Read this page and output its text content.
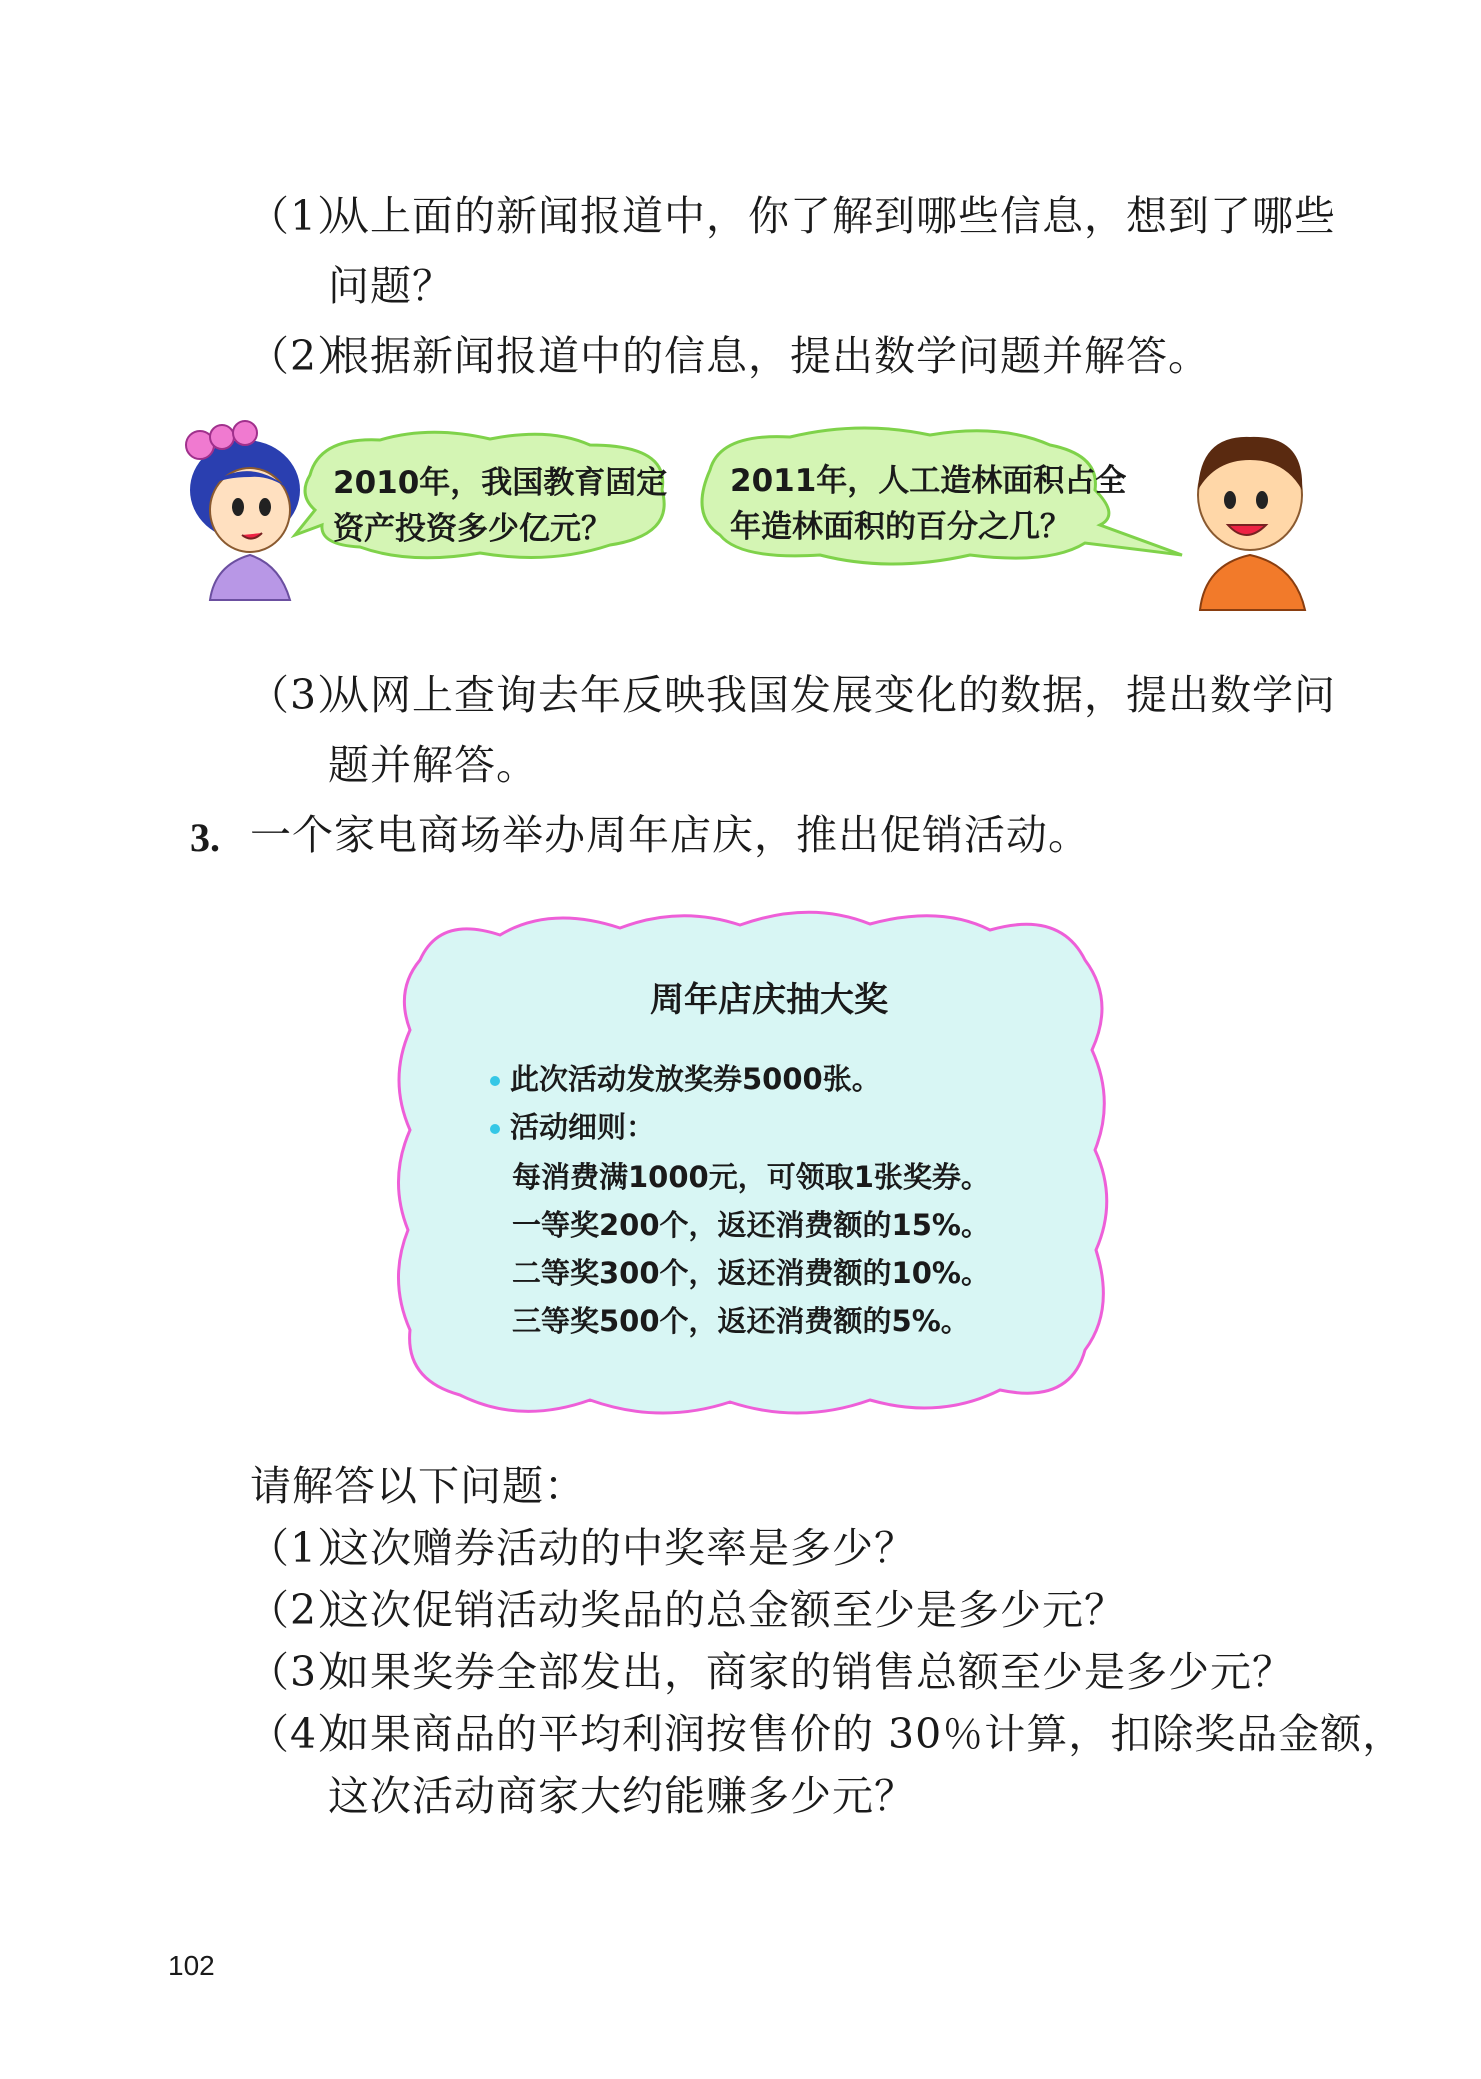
（1）从上面的新闻报道中，你了解到哪些信息，想到了哪些
问题？
（2）根据新闻报道中的信息，提出数学问题并解答。
2010年，我国教育固定
资产投资多少亿元？
2011年，人工造林面积占全
年造林面积的百分之几？
（3）从网上查询去年反映我国发展变化的数据，提出数学问
题并解答。
3. 一个家电商场举办周年店庆，推出促销活动。
周年店庆抽大奖
此次活动发放奖券5000张。
活动细则：
每消费满1000元，可领取1张奖券。
一等奖200个，返还消费额的15%。
二等奖300个，返还消费额的10%。
三等奖500个，返还消费额的5%。
请解答以下问题：
（1）这次赠券活动的中奖率是多少？
（2）这次促销活动奖品的总金额至少是多少元？
（3）如果奖券全部发出，商家的销售总额至少是多少元？
（4）如果商品的平均利润按售价的 30％计算，扣除奖品金额，
这次活动商家大约能赚多少元？
102
